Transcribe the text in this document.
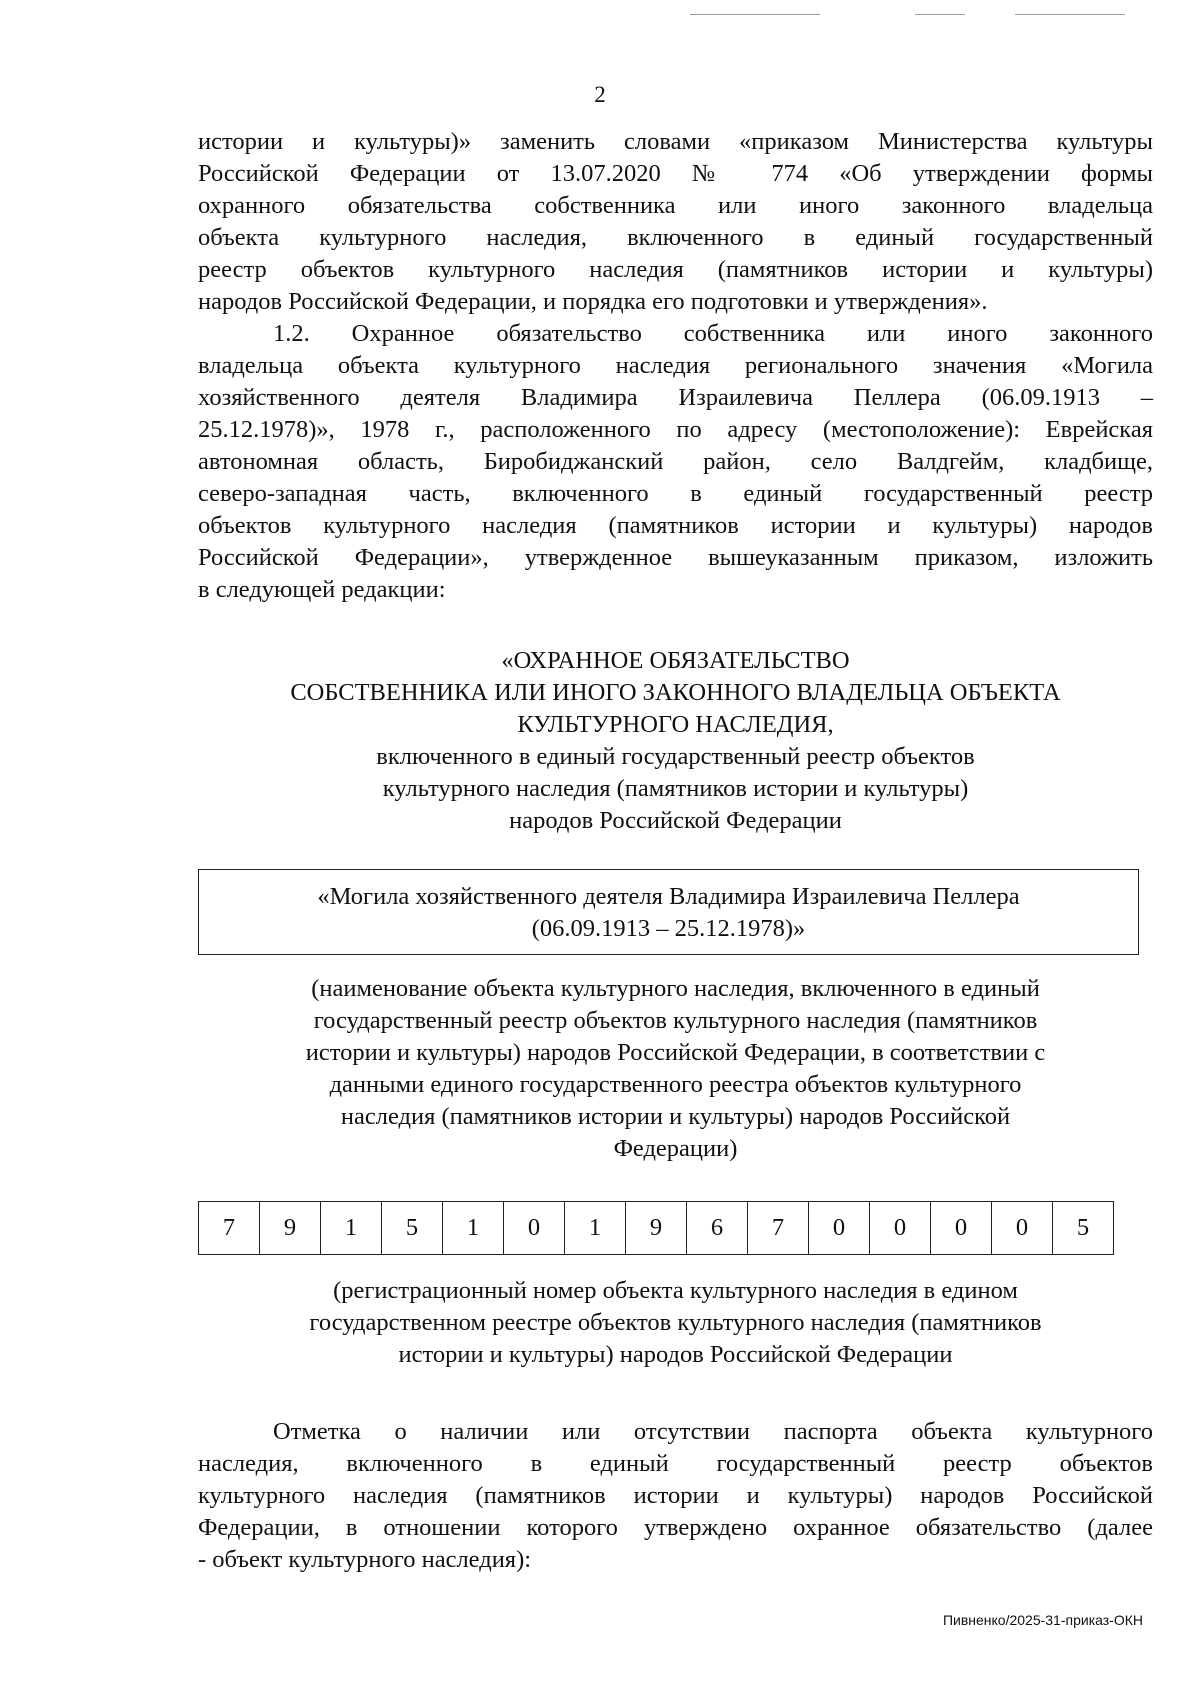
2
истории и культуры)» заменить словами «приказом Министерства культуры
Российской Федерации от 13.07.2020 № 774 «Об утверждении формы
охранного обязательства собственника или иного законного владельца
объекта культурного наследия, включенного в единый государственный
реестр объектов культурного наследия (памятников истории и культуры)
народов Российской Федерации, и порядка его подготовки и утверждения».
1.2. Охранное обязательство собственника или иного законного
владельца объекта культурного наследия регионального значения «Могила
хозяйственного деятеля Владимира Израилевича Пеллера (06.09.1913 –
25.12.1978)», 1978 г., расположенного по адресу (местоположение): Еврейская
автономная область, Биробиджанский район, село Валдгейм, кладбище,
северо-западная часть, включенного в единый государственный реестр
объектов культурного наследия (памятников истории и культуры) народов
Российской Федерации», утвержденное вышеуказанным приказом, изложить
в следующей редакции:
«ОХРАННОЕ ОБЯЗАТЕЛЬСТВО
СОБСТВЕННИКА ИЛИ ИНОГО ЗАКОННОГО ВЛАДЕЛЬЦА ОБЪЕКТА
КУЛЬТУРНОГО НАСЛЕДИЯ,
включенного в единый государственный реестр объектов
культурного наследия (памятников истории и культуры)
народов Российской Федерации
«Могила хозяйственного деятеля Владимира Израилевича Пеллера
(06.09.1913 – 25.12.1978)»
(наименование объекта культурного наследия, включенного в единый
государственный реестр объектов культурного наследия (памятников
истории и культуры) народов Российской Федерации, в соответствии с
данными единого государственного реестра объектов культурного
наследия (памятников истории и культуры) народов Российской
Федерации)
7	9	1	5	1	0	1	9	6	7	0	0	0	0	5
(регистрационный номер объекта культурного наследия в едином
государственном реестре объектов культурного наследия (памятников
истории и культуры) народов Российской Федерации
Отметка о наличии или отсутствии паспорта объекта культурного
наследия, включенного в единый государственный реестр объектов
культурного наследия (памятников истории и культуры) народов Российской
Федерации, в отношении которого утверждено охранное обязательство (далее
- объект культурного наследия):
Пивненко/2025-31-приказ-ОКН
